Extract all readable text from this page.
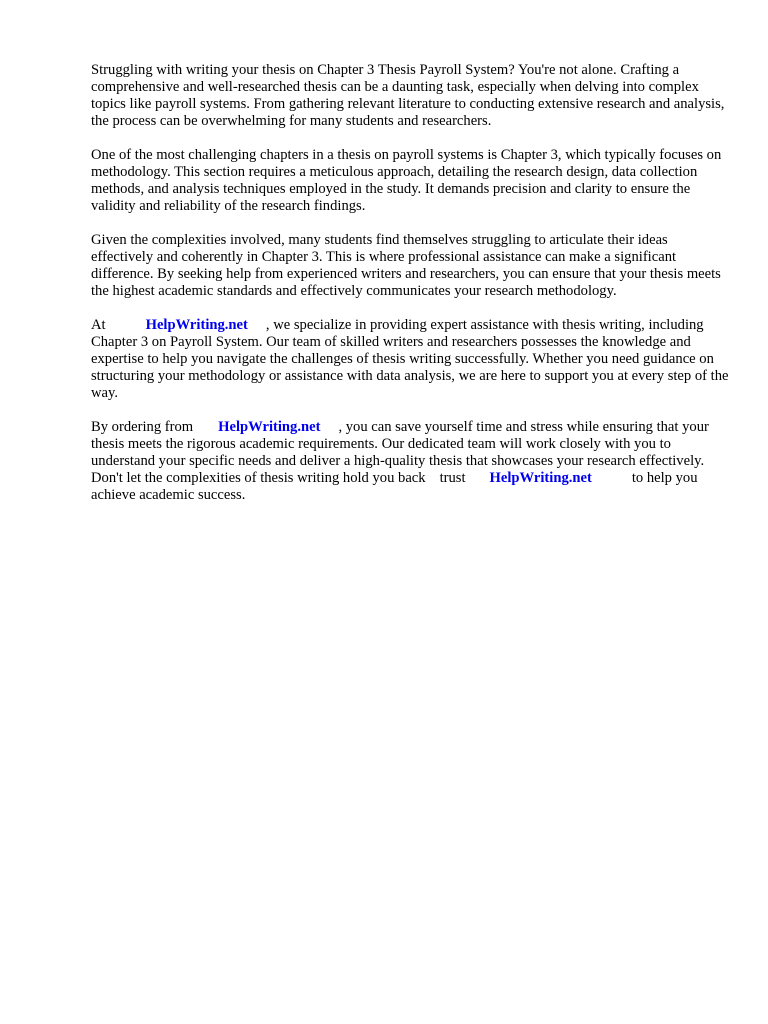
Struggling with writing your thesis on Chapter 3 Thesis Payroll System? You're not alone. Crafting a comprehensive and well-researched thesis can be a daunting task, especially when delving into complex topics like payroll systems. From gathering relevant literature to conducting extensive research and analysis, the process can be overwhelming for many students and researchers.

One of the most challenging chapters in a thesis on payroll systems is Chapter 3, which typically focuses on methodology. This section requires a meticulous approach, detailing the research design, data collection methods, and analysis techniques employed in the study. It demands precision and clarity to ensure the validity and reliability of the research findings.

Given the complexities involved, many students find themselves struggling to articulate their ideas effectively and coherently in Chapter 3. This is where professional assistance can make a significant difference. By seeking help from experienced writers and researchers, you can ensure that your thesis meets the highest academic standards and effectively communicates your research methodology.

At	HelpWriting.net , we specialize in providing expert assistance with thesis writing, including Chapter 3 on Payroll System. Our team of skilled writers and researchers possesses the knowledge and expertise to help you navigate the challenges of thesis writing successfully. Whether you need guidance on structuring your methodology or assistance with data analysis, we are here to support you at every step of the way.

By ordering from HelpWriting.net , you can save yourself time and stress while ensuring that your thesis meets the rigorous academic requirements. Our dedicated team will work closely with you to understand your specific needs and deliver a high-quality thesis that showcases your research effectively. Don't let the complexities of thesis writing hold you back trust HelpWriting.net	to help you achieve academic success.
